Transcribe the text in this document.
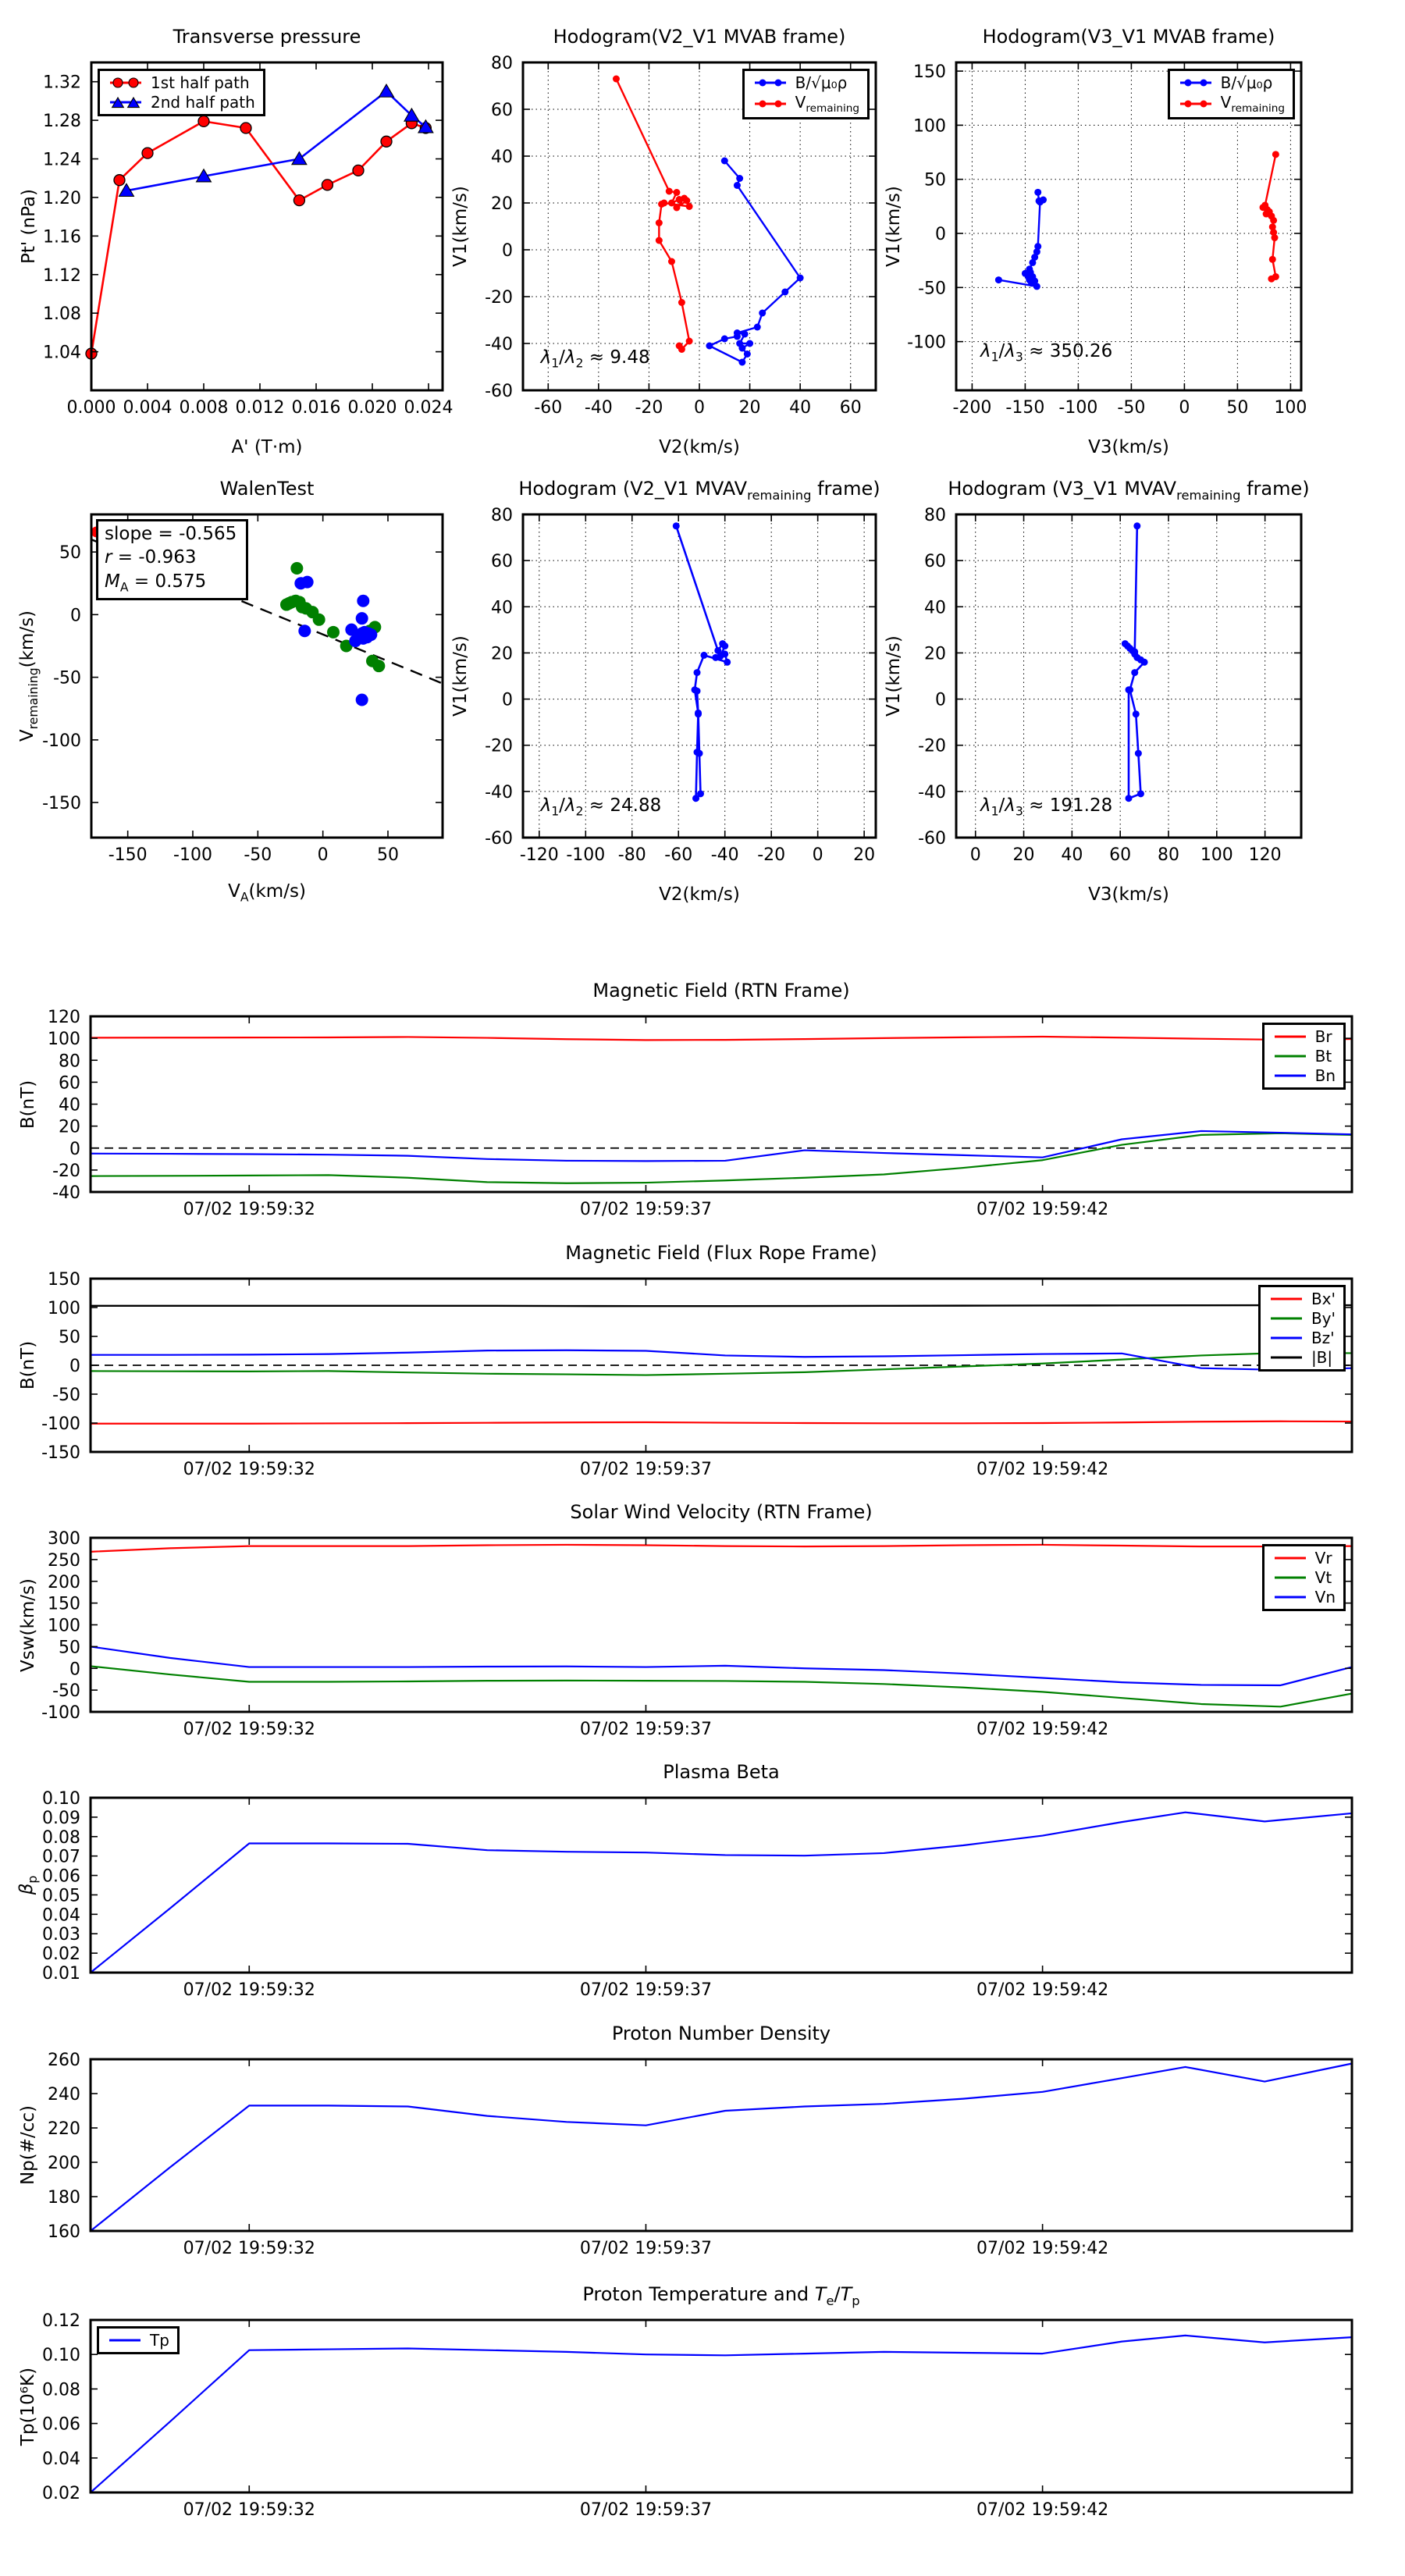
Transverse pressure
Pt' (nPa)
0.000 0.004 0.008 0.012 0.016 0.020 0.024
1.04
1.08
1.12
1.16
1.20
1.24
1.28
1.32	1st half path
2nd half path
A' (T·m)
Hodogram(V2_V1 MVAB frame)
V1(km/s)
-60 -40 -20 0 20 40 60
-60
-40
-20
0
20
40
60
80
$\lambda_1/\lambda_2 \approx 9.48$
B/√μ₀ρ
$V_{remaining}$
V2(km/s)
Hodogram(V3_V1 MVAB frame)
V1(km/s)
-200 -150 -100 -50 0 50 100
-100
-50
0
50
100
150
$\lambda_1/\lambda_3 \approx 350.26$
B/√μ₀ρ
$V_{remaining}$
V3(km/s)
WalenTest
$V_{remaining}(km/s)$
-150 -100 -50	0	50
-150
-100
-50
0
50
slope = -0.565
r = -0.963
$M_A = 0.575$
$V_A(km/s)$
Hodogram (V2_V1 $MVAV_{remaining}$ frame)
V1(km/s)
-120 -100 -80 -60 -40 -20 0 20
-60
-40
-20
0
20
40
60
80
$\lambda_1/\lambda_2 \approx 24.88$
V2(km/s)
Hodogram (V3_V1 $MVAV_{remaining}$ frame)
V1(km/s)
0 20 40 60 80 100 120
-60
-40
-20
0
20
40
60
80
$\lambda_1/\lambda_3 \approx 191.28$
V3(km/s)
Magnetic Field (RTN Frame)
B(nT)
07/02 19:59:32	07/02 19:59:37	07/02 19:59:42
-40
-20
0
20
40
60
80
100
120
Br
Bt
Bn
Magnetic Field (Flux Rope Frame)
B(nT)
07/02 19:59:32	07/02 19:59:37	07/02 19:59:42
-150
-100
-50
0
50
100
150
Bx'
By'
Bz'
|B|
Solar Wind Velocity (RTN Frame)
Vsw(km/s)
07/02 19:59:32	07/02 19:59:37	07/02 19:59:42
-100
-50
0
50
100
150
200
250
300
Vr
Vt
Vn
Plasma Beta
$\beta_p$
07/02 19:59:32	07/02 19:59:37	07/02 19:59:42
0.01
0.02
0.03
0.04
0.05
0.06
0.07
0.08
0.09
0.10
Proton Number Density
Np(#/cc)
07/02 19:59:32	07/02 19:59:37	07/02 19:59:42
160
180
200
220
240
260
Proton Temperature and $T_e/T_p$
Tp(10⁶K)
07/02 19:59:32	07/02 19:59:37	07/02 19:59:42
0.02
0.04
0.06
0.08
0.10
0.12
Tp
